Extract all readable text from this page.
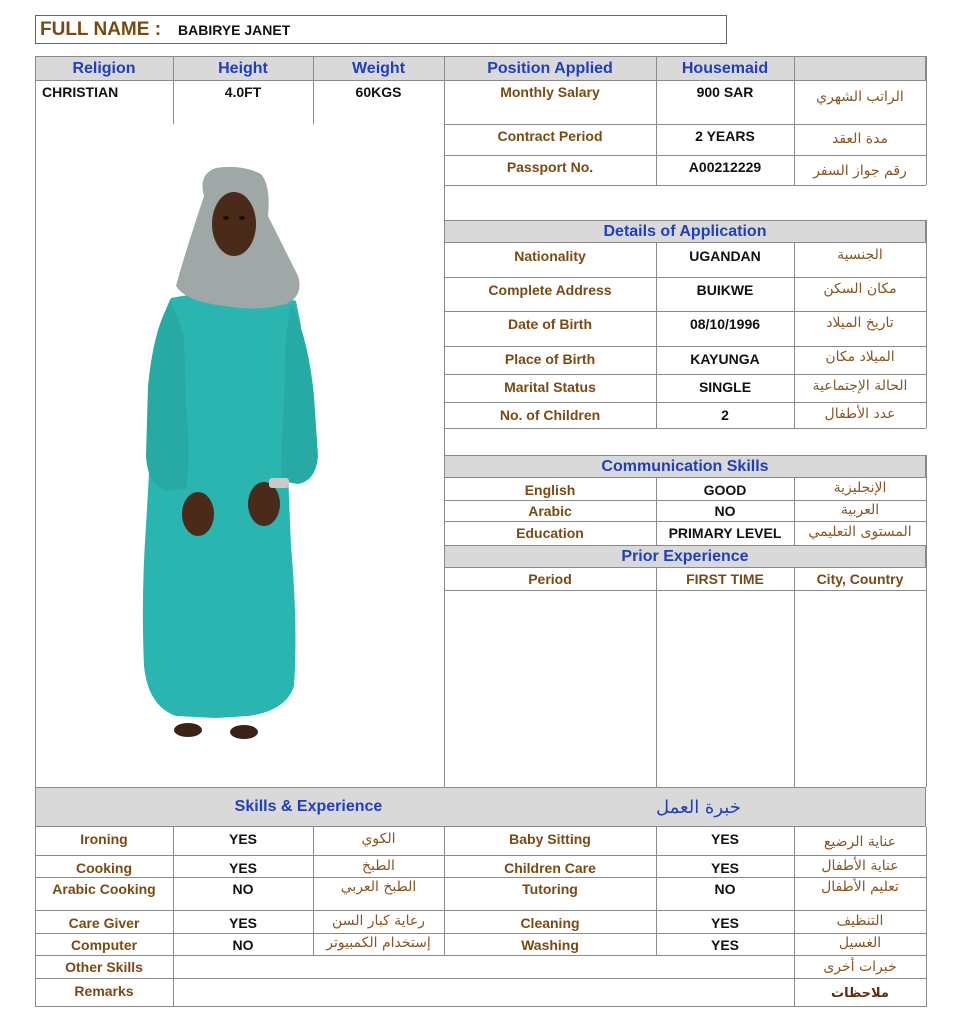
FULL NAME : BABIRYE JANET
Religion	Height	Weight	Position Applied	Housemaid
CHRISTIAN	4.0FT	60KGS	Monthly Salary	900 SAR	الراتب الشهري
Contract Period	2 YEARS	مدة العقد
Passport No.	A00212229	رقم جواز السفر
Details of Application
Nationality	UGANDAN	الجنسية
Complete Address	BUIKWE	مكان السكن
Date of Birth	08/10/1996	تاريخ الميلاد
Place of Birth	KAYUNGA	الميلاد مكان
Marital Status	SINGLE	الحالة الإجتماعية
No. of Children	2	عدد الأطفال
Communication Skills
English	GOOD	الإنجليزية
Arabic	NO	العربية
Education	PRIMARY LEVEL	المستوى التعليمي
Prior Experience
Period	FIRST TIME	City, Country
Skills & Experience	خبرة العمل
Ironing	YES	الكوي	Baby Sitting	YES	عناية الرضيع
Cooking	YES	الطبخ	Children Care	YES	عناية الأطفال
Arabic Cooking	NO	الطبخ العربي	Tutoring	NO	تعليم الأطفال
Care Giver	YES	رعاية كبار السن	Cleaning	YES	التنظيف
Computer	NO	إستخدام الكمبيوتر	Washing	YES	الغسيل
Other Skills	خبرات أخرى
Remarks	ملاحظات
